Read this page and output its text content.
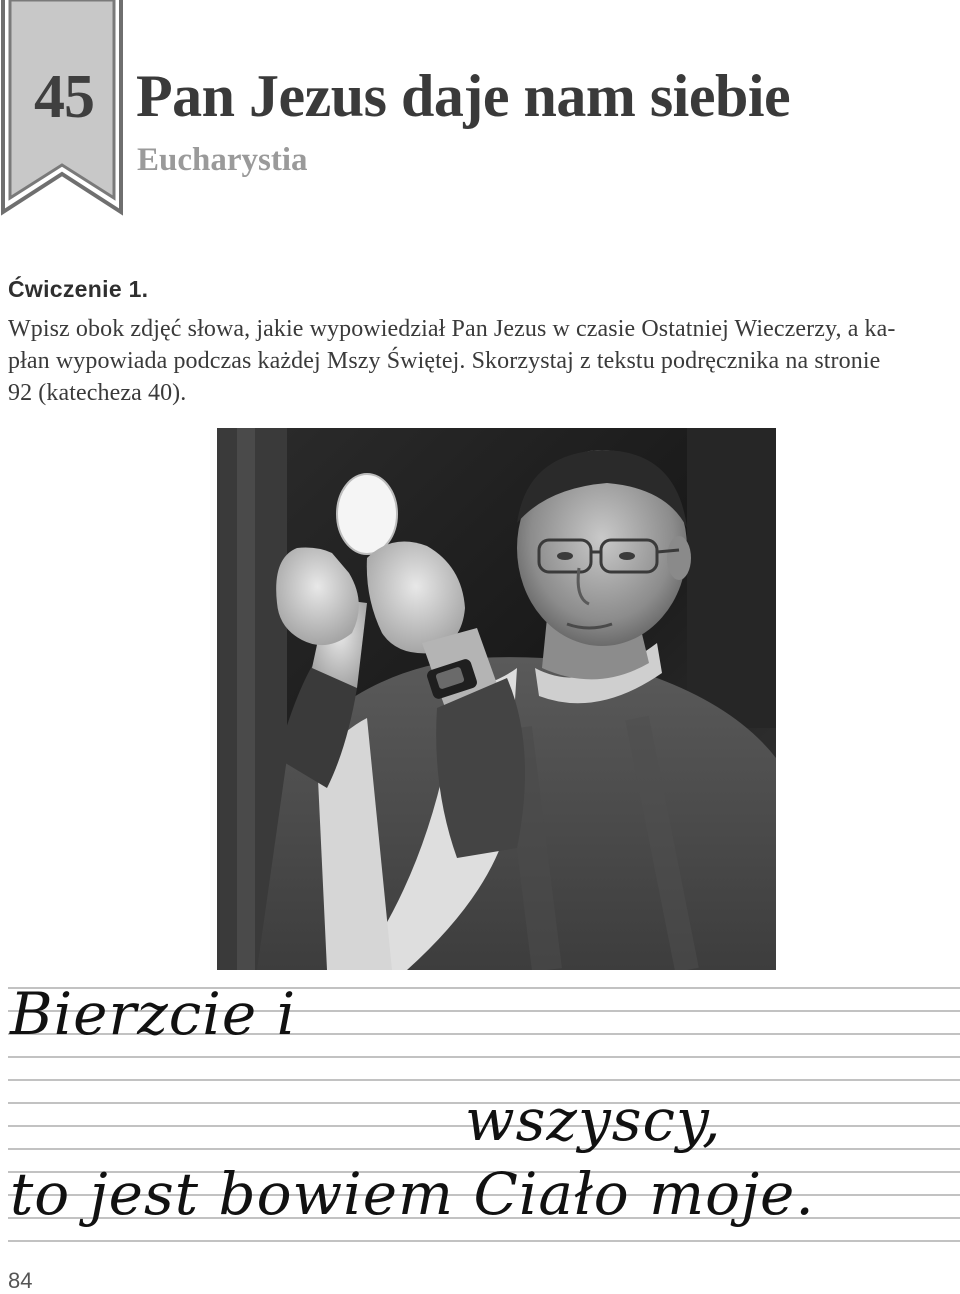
45 Pan Jezus daje nam siebie
Eucharystia
Ćwiczenie 1.
Wpisz obok zdjęć słowa, jakie wypowiedział Pan Jezus w czasie Ostatniej Wieczerzy, a ka-
płan wypowiada podczas każdej Mszy Świętej. Skorzystaj z tekstu podręcznika na stronie
92 (katecheza 40).
Bierzcie i
wszyscy,
to jest bowiem Ciało moje.
84
